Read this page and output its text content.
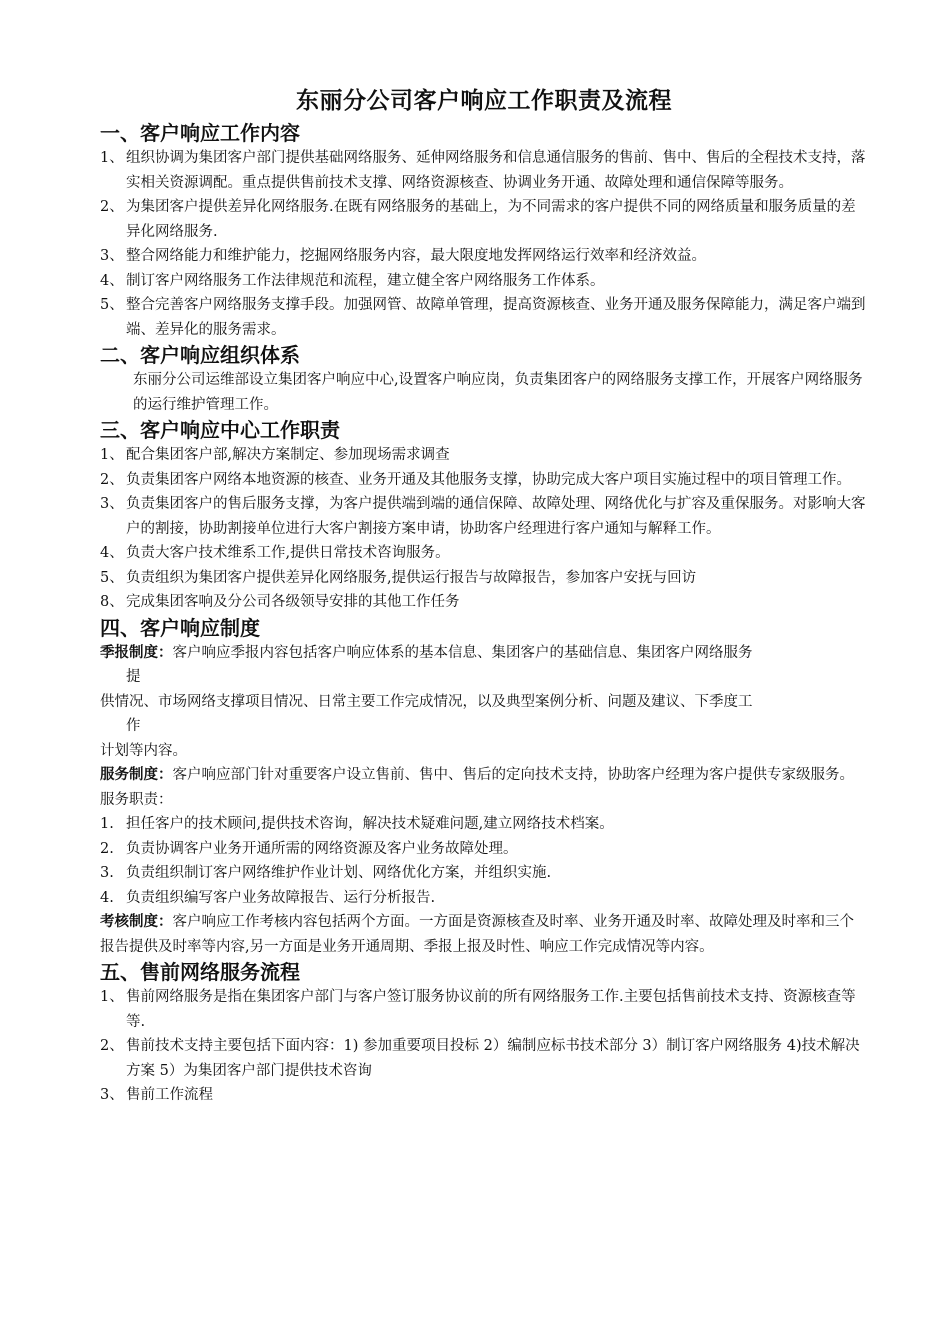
东丽分公司客户响应工作职责及流程
一、客户响应工作内容
1、 组织协调为集团客户部门提供基础网络服务、延伸网络服务和信息通信服务的售前、售中、售后的全程技术支持，落实相关资源调配。重点提供售前技术支撑、网络资源核查、协调业务开通、故障处理和通信保障等服务。
2、 为集团客户提供差异化网络服务.在既有网络服务的基础上，为不同需求的客户提供不同的网络质量和服务质量的差异化网络服务.
3、 整合网络能力和维护能力，挖掘网络服务内容，最大限度地发挥网络运行效率和经济效益。
4、 制订客户网络服务工作法律规范和流程，建立健全客户网络服务工作体系。
5、 整合完善客户网络服务支撑手段。加强网管、故障单管理，提高资源核查、业务开通及服务保障能力，满足客户端到端、差异化的服务需求。
二、客户响应组织体系
东丽分公司运维部设立集团客户响应中心,设置客户响应岗，负责集团客户的网络服务支撑工作，开展客户网络服务的运行维护管理工作。
三、客户响应中心工作职责
1、 配合集团客户部,解决方案制定、参加现场需求调查
2、 负责集团客户网络本地资源的核查、业务开通及其他服务支撑，协助完成大客户项目实施过程中的项目管理工作。
3、 负责集团客户的售后服务支撑，为客户提供端到端的通信保障、故障处理、网络优化与扩容及重保服务。对影响大客户的割接，协助割接单位进行大客户割接方案申请，协助客户经理进行客户通知与解释工作。
4、 负责大客户技术维系工作,提供日常技术咨询服务。
5、 负责组织为集团客户提供差异化网络服务,提供运行报告与故障报告，参加客户安抚与回访
8、 完成集团客响及分公司各级领导安排的其他工作任务
四、客户响应制度
季报制度：客户响应季报内容包括客户响应体系的基本信息、集团客户的基础信息、集团客户网络服务
提
供情况、市场网络支撑项目情况、日常主要工作完成情况，以及典型案例分析、问题及建议、下季度工
作
计划等内容。
服务制度：客户响应部门针对重要客户设立售前、售中、售后的定向技术支持，协助客户经理为客户提供专家级服务。
服务职责：
1. 担任客户的技术顾问,提供技术咨询，解决技术疑难问题,建立网络技术档案。
2. 负责协调客户业务开通所需的网络资源及客户业务故障处理。
3. 负责组织制订客户网络维护作业计划、网络优化方案，并组织实施.
4. 负责组织编写客户业务故障报告、运行分析报告.
考核制度：客户响应工作考核内容包括两个方面。一方面是资源核查及时率、业务开通及时率、故障处理及时率和三个报告提供及时率等内容,另一方面是业务开通周期、季报上报及时性、响应工作完成情况等内容。
五、售前网络服务流程
1、 售前网络服务是指在集团客户部门与客户签订服务协议前的所有网络服务工作.主要包括售前技术支持、资源核查等等.
2、 售前技术支持主要包括下面内容：1) 参加重要项目投标 2）编制应标书技术部分 3）制订客户网络服务 4)技术解决方案 5）为集团客户部门提供技术咨询
3、 售前工作流程
